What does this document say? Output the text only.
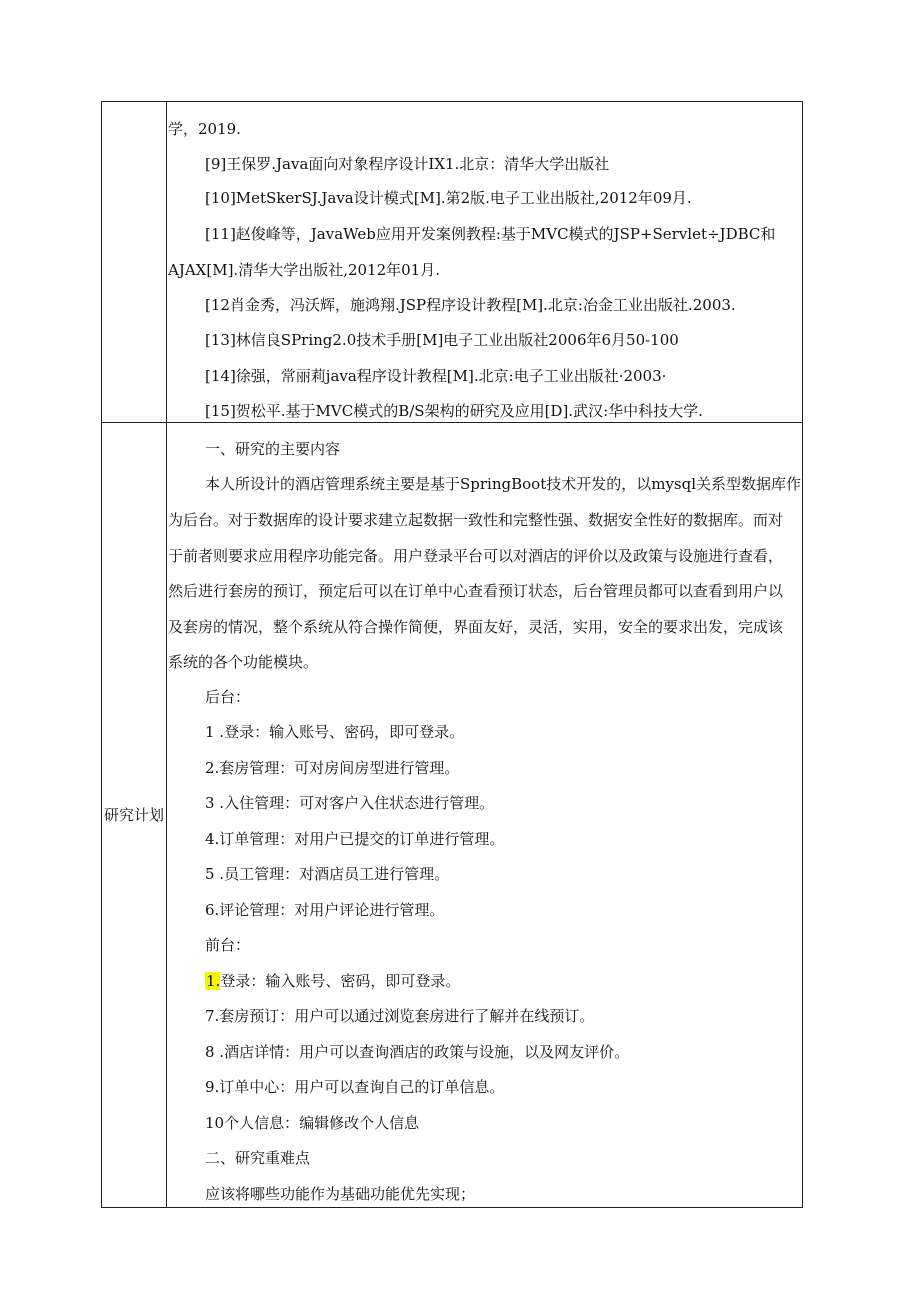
学，2019.
[9]王保罗.Java面向对象程序设计IX1.北京：清华大学出版社
[10]MetSkerSJ.Java设计模式[M].第2版.电子工业出版社,2012年09月.
[11]赵俊峰等，JavaWeb应用开发案例教程:基于MVC模式的JSP+Servlet÷JDBC和
AJAX[M].清华大学出版社,2012年01月.
[12肖金秀，冯沃辉，施鸿翔.JSP程序设计教程[M].北京:冶金工业出版社.2003.
[13]林信良SPring2.0技术手册[M]电子工业出版社2006年6月50-100
[14]徐强，常丽莉java程序设计教程[M].北京:电子工业出版社·2003·
[15]贺松平.基于MVC模式的B/S架构的研究及应用[D].武汉:华中科技大学.
研究计划
一、研究的主要内容
本人所设计的酒店管理系统主要是基于SpringBoot技术开发的，以mysql关系型数据库作
为后台。对于数据库的设计要求建立起数据一致性和完整性强、数据安全性好的数据库。而对
于前者则要求应用程序功能完备。用户登录平台可以对酒店的评价以及政策与设施进行查看，
然后进行套房的预订，预定后可以在订单中心查看预订状态，后台管理员都可以查看到用户以
及套房的情况，整个系统从符合操作简便，界面友好，灵活，实用，安全的要求出发，完成该
系统的各个功能模块。
后台：
1 .登录：输入账号、密码，即可登录。
2.套房管理：可对房间房型进行管理。
3 .入住管理：可对客户入住状态进行管理。
4.订单管理：对用户已提交的订单进行管理。
5 .员工管理：对酒店员工进行管理。
6.评论管理：对用户评论进行管理。
前台：
1.登录：输入账号、密码，即可登录。
7.套房预订：用户可以通过浏览套房进行了解并在线预订。
8 .酒店详情：用户可以查询酒店的政策与设施，以及网友评价。
9.订单中心：用户可以查询自己的订单信息。
10个人信息：编辑修改个人信息
二、研究重难点
应该将哪些功能作为基础功能优先实现；
